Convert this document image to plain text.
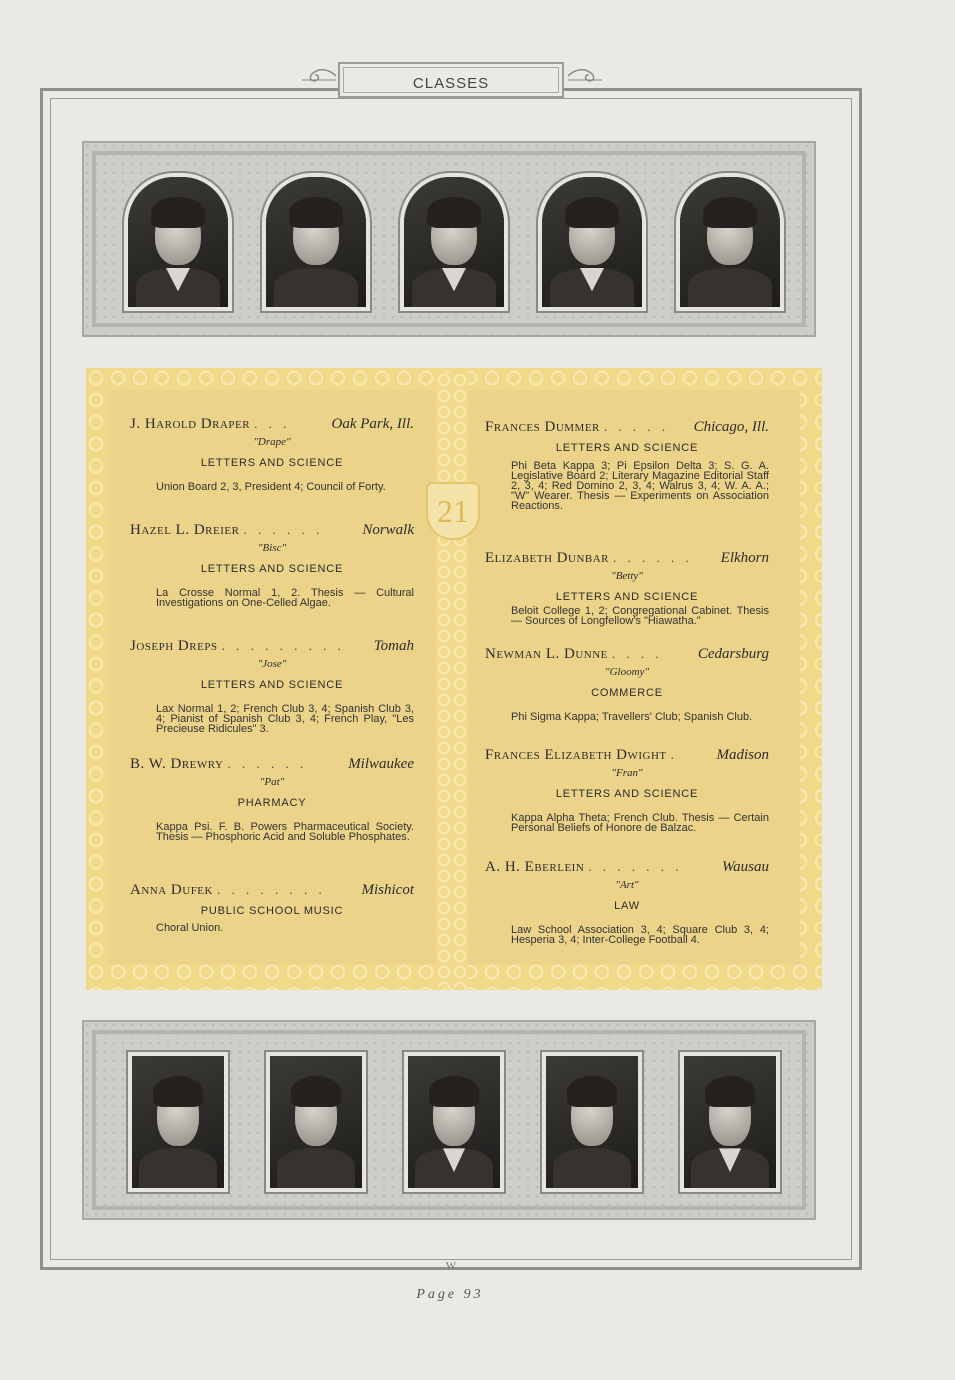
CLASSES
21
J. Harold Draper . . .	Oak Park, Ill.
"Drape"
LETTERS AND SCIENCE
Union Board 2, 3, President 4; Council of Forty.
Hazel L. Dreier . . . . . .	Norwalk
"Bisc"
LETTERS AND SCIENCE
La Crosse Normal 1, 2. Thesis — Cultural Investigations on One-Celled Algae.
Joseph Dreps . . . . . . . . .	Tomah
"Jose"
LETTERS AND SCIENCE
Lax Normal 1, 2; French Club 3, 4; Spanish Club 3, 4; Pianist of Spanish Club 3, 4; French Play, "Les Precieuse Ridicules" 3.
B. W. Drewry . . . . . .	Milwaukee
"Pat"
PHARMACY
Kappa Psi. F. B. Powers Pharmaceutical Society. Thesis — Phosphoric Acid and Soluble Phosphates.
Anna Dufek . . . . . . . .	Mishicot
PUBLIC SCHOOL MUSIC
Choral Union.
Frances Dummer . . . . .	Chicago, Ill.
LETTERS AND SCIENCE
Phi Beta Kappa 3; Pi Epsilon Delta 3; S. G. A. Legislative Board 2; Literary Magazine Editorial Staff 2, 3, 4; Red Domino 2, 3, 4; Walrus 3, 4; W. A. A.; "W" Wearer. Thesis — Experiments on Association Reactions.
Elizabeth Dunbar . . . . . .	Elkhorn
"Betty"
LETTERS AND SCIENCE
Beloit College 1, 2; Congregational Cabinet. Thesis — Sources of Longfellow's "Hiawatha."
Newman L. Dunne . . . .	Cedarsburg
"Gloomy"
COMMERCE
Phi Sigma Kappa; Travellers' Club; Spanish Club.
Frances Elizabeth Dwight .	Madison
"Fran"
LETTERS AND SCIENCE
Kappa Alpha Theta; French Club. Thesis — Certain Personal Beliefs of Honore de Balzac.
A. H. Eberlein . . . . . . .	Wausau
"Art"
LAW
Law School Association 3, 4; Square Club 3, 4; Hesperia 3, 4; Inter-College Football 4.
W
Page 93
